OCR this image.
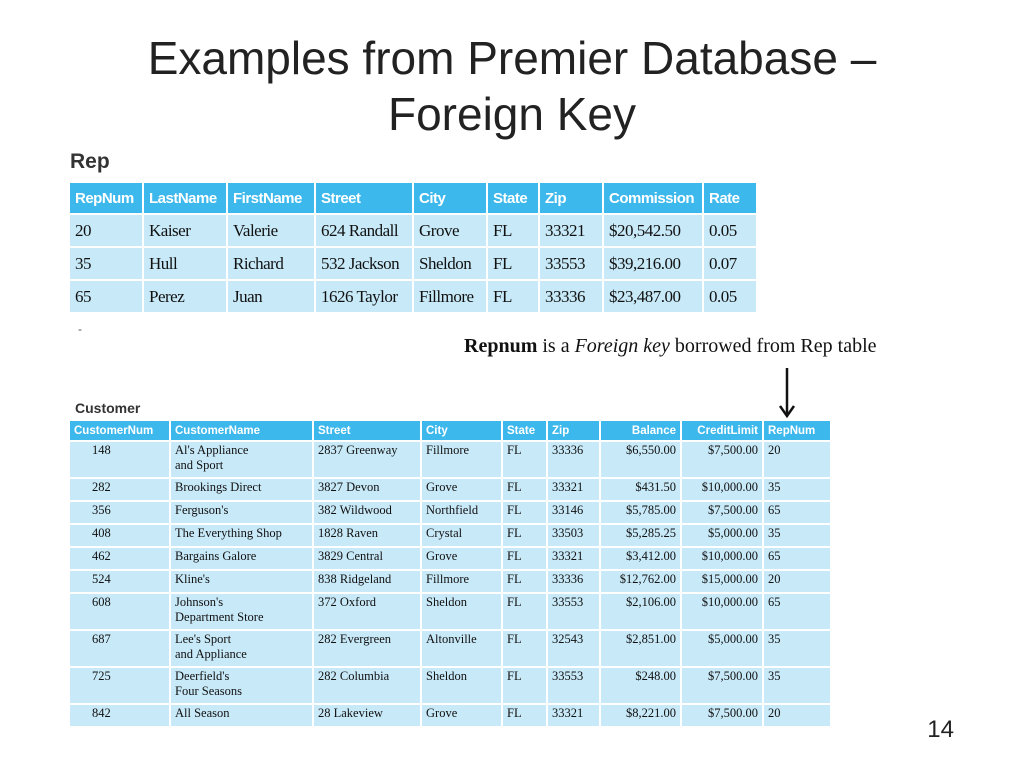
Examples from Premier Database –
Foreign Key
Rep
RepNum	LastName	FirstName	Street	City	State	Zip	Commission	Rate
20	Kaiser	Valerie	624 Randall	Grove	FL	33321	$20,542.50	0.05
35	Hull	Richard	532 Jackson	Sheldon	FL	33553	$39,216.00	0.07
65	Perez	Juan	1626 Taylor	Fillmore	FL	33336	$23,487.00	0.05
-
Repnum is a Foreign key borrowed from Rep table
Customer
CustomerNum	CustomerName	Street	City	State	Zip	Balance	CreditLimit	RepNum
148	Al's Appliance
and Sport	2837 Greenway	Fillmore	FL	33336	$6,550.00	$7,500.00	20
282	Brookings Direct	3827 Devon	Grove	FL	33321	$431.50	$10,000.00	35
356	Ferguson's	382 Wildwood	Northfield	FL	33146	$5,785.00	$7,500.00	65
408	The Everything Shop	1828 Raven	Crystal	FL	33503	$5,285.25	$5,000.00	35
462	Bargains Galore	3829 Central	Grove	FL	33321	$3,412.00	$10,000.00	65
524	Kline's	838 Ridgeland	Fillmore	FL	33336	$12,762.00	$15,000.00	20
608	Johnson's
Department Store	372 Oxford	Sheldon	FL	33553	$2,106.00	$10,000.00	65
687	Lee's Sport
and Appliance	282 Evergreen	Altonville	FL	32543	$2,851.00	$5,000.00	35
725	Deerfield's
Four Seasons	282 Columbia	Sheldon	FL	33553	$248.00	$7,500.00	35
842	All Season	28 Lakeview	Grove	FL	33321	$8,221.00	$7,500.00	20
14
